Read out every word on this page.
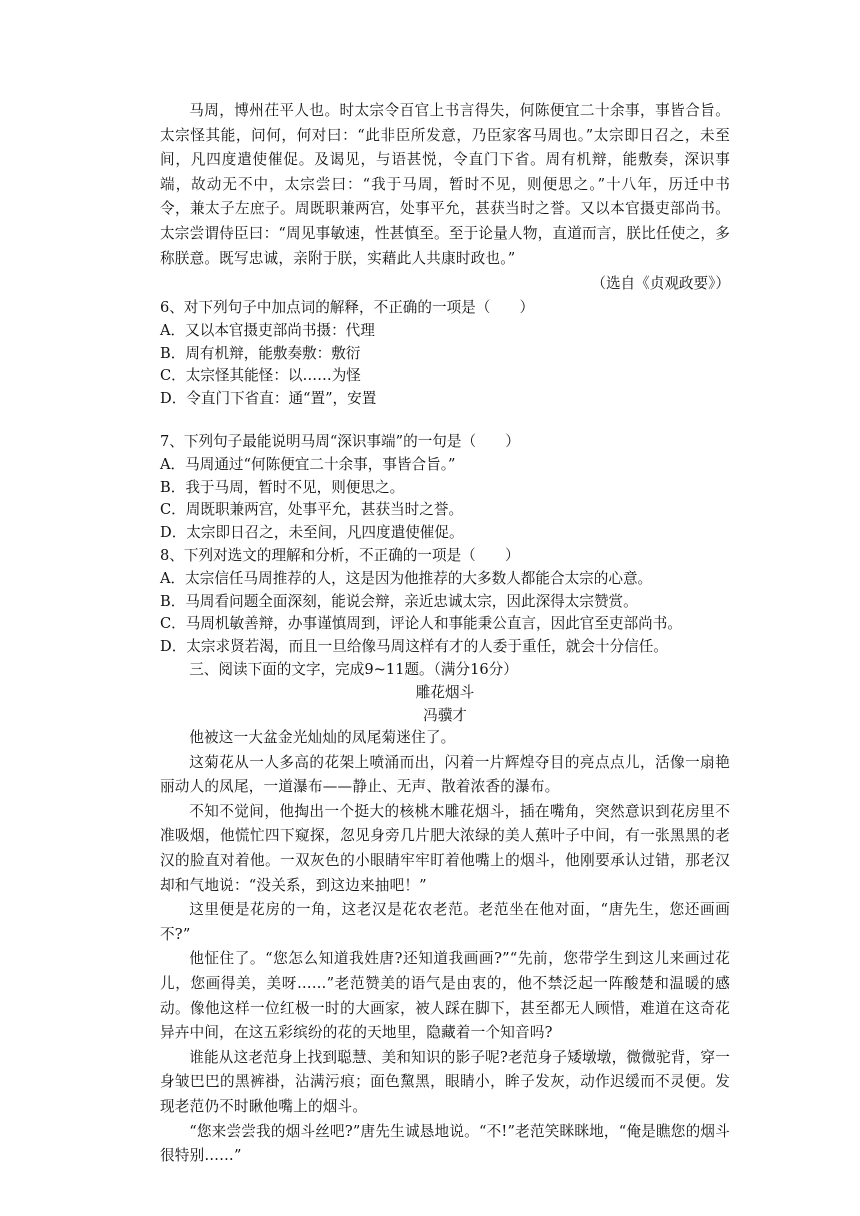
马周，博州茌平人也。时太宗令百官上书言得失，何陈便宜二十余事，事皆合旨。太宗怪其能，问何，何对曰：“此非臣所发意，乃臣家客马周也。”太宗即日召之，未至间，凡四度遣使催促。及谒见，与语甚悦，令直门下省。周有机辩，能敷奏，深识事端，故动无不中，太宗尝曰：“我于马周，暂时不见，则便思之。”十八年，历迁中书令，兼太子左庶子。周既职兼两宫，处事平允，甚获当时之誉。又以本官摄吏部尚书。太宗尝谓侍臣曰：“周见事敏速，性甚慎至。至于论量人物，直道而言，朕比任使之，多称朕意。既写忠诚，亲附于朕，实藉此人共康时政也。”

（选自《贞观政要》）

6、对下列句子中加点词的解释，不正确的一项是（　　）

A．又以本官摄吏部尚书摄：代理

B．周有机辩，能敷奏敷：敷衍

C．太宗怪其能怪：以……为怪

D．令直门下省直：通“置”，安置

7、下列句子最能说明马周“深识事端”的一句是（　　）

A．马周通过“何陈便宜二十余事，事皆合旨。”

B．我于马周，暂时不见，则便思之。

C．周既职兼两宫，处事平允，甚获当时之誉。

D．太宗即日召之，未至间，凡四度遣使催促。

8、下列对选文的理解和分析，不正确的一项是（　　）

A．太宗信任马周推荐的人，这是因为他推荐的大多数人都能合太宗的心意。

B．马周看问题全面深刻，能说会辩，亲近忠诚太宗，因此深得太宗赞赏。

C．马周机敏善辩，办事谨慎周到，评论人和事能秉公直言，因此官至吏部尚书。

D．太宗求贤若渴，而且一旦给像马周这样有才的人委于重任，就会十分信任。

三、阅读下面的文字，完成9~11题。（满分16分）

雕花烟斗

冯骥才

他被这一大盆金光灿灿的凤尾菊迷住了。

这菊花从一人多高的花架上喷涌而出，闪着一片辉煌夺目的亮点点儿，活像一扇艳丽动人的凤尾，一道瀑布——静止、无声、散着浓香的瀑布。

不知不觉间，他掏出一个挺大的核桃木雕花烟斗，插在嘴角，突然意识到花房里不准吸烟，他慌忙四下窥探，忽见身旁几片肥大浓绿的美人蕉叶子中间，有一张黑黑的老汉的脸直对着他。一双灰色的小眼睛牢牢盯着他嘴上的烟斗，他刚要承认过错，那老汉却和气地说：“没关系，到这边来抽吧！”

这里便是花房的一角，这老汉是花农老范。老范坐在他对面，“唐先生，您还画画不?”

他怔住了。“您怎么知道我姓唐?还知道我画画?”“先前，您带学生到这儿来画过花儿，您画得美，美呀……”老范赞美的语气是由衷的，他不禁泛起一阵酸楚和温暖的感动。像他这样一位红极一时的大画家，被人踩在脚下，甚至都无人顾惜，难道在这奇花异卉中间，在这五彩缤纷的花的天地里，隐藏着一个知音吗?

谁能从这老范身上找到聪慧、美和知识的影子呢?老范身子矮墩墩，微微驼背，穿一身皱巴巴的黑裤褂，沾满污痕；面色黧黑，眼睛小，眸子发灰，动作迟缓而不灵便。发现老范仍不时瞅他嘴上的烟斗。

“您来尝尝我的烟斗丝吧?”唐先生诚恳地说。“不!”老范笑眯眯地，“俺是瞧您的烟斗很特别……”
